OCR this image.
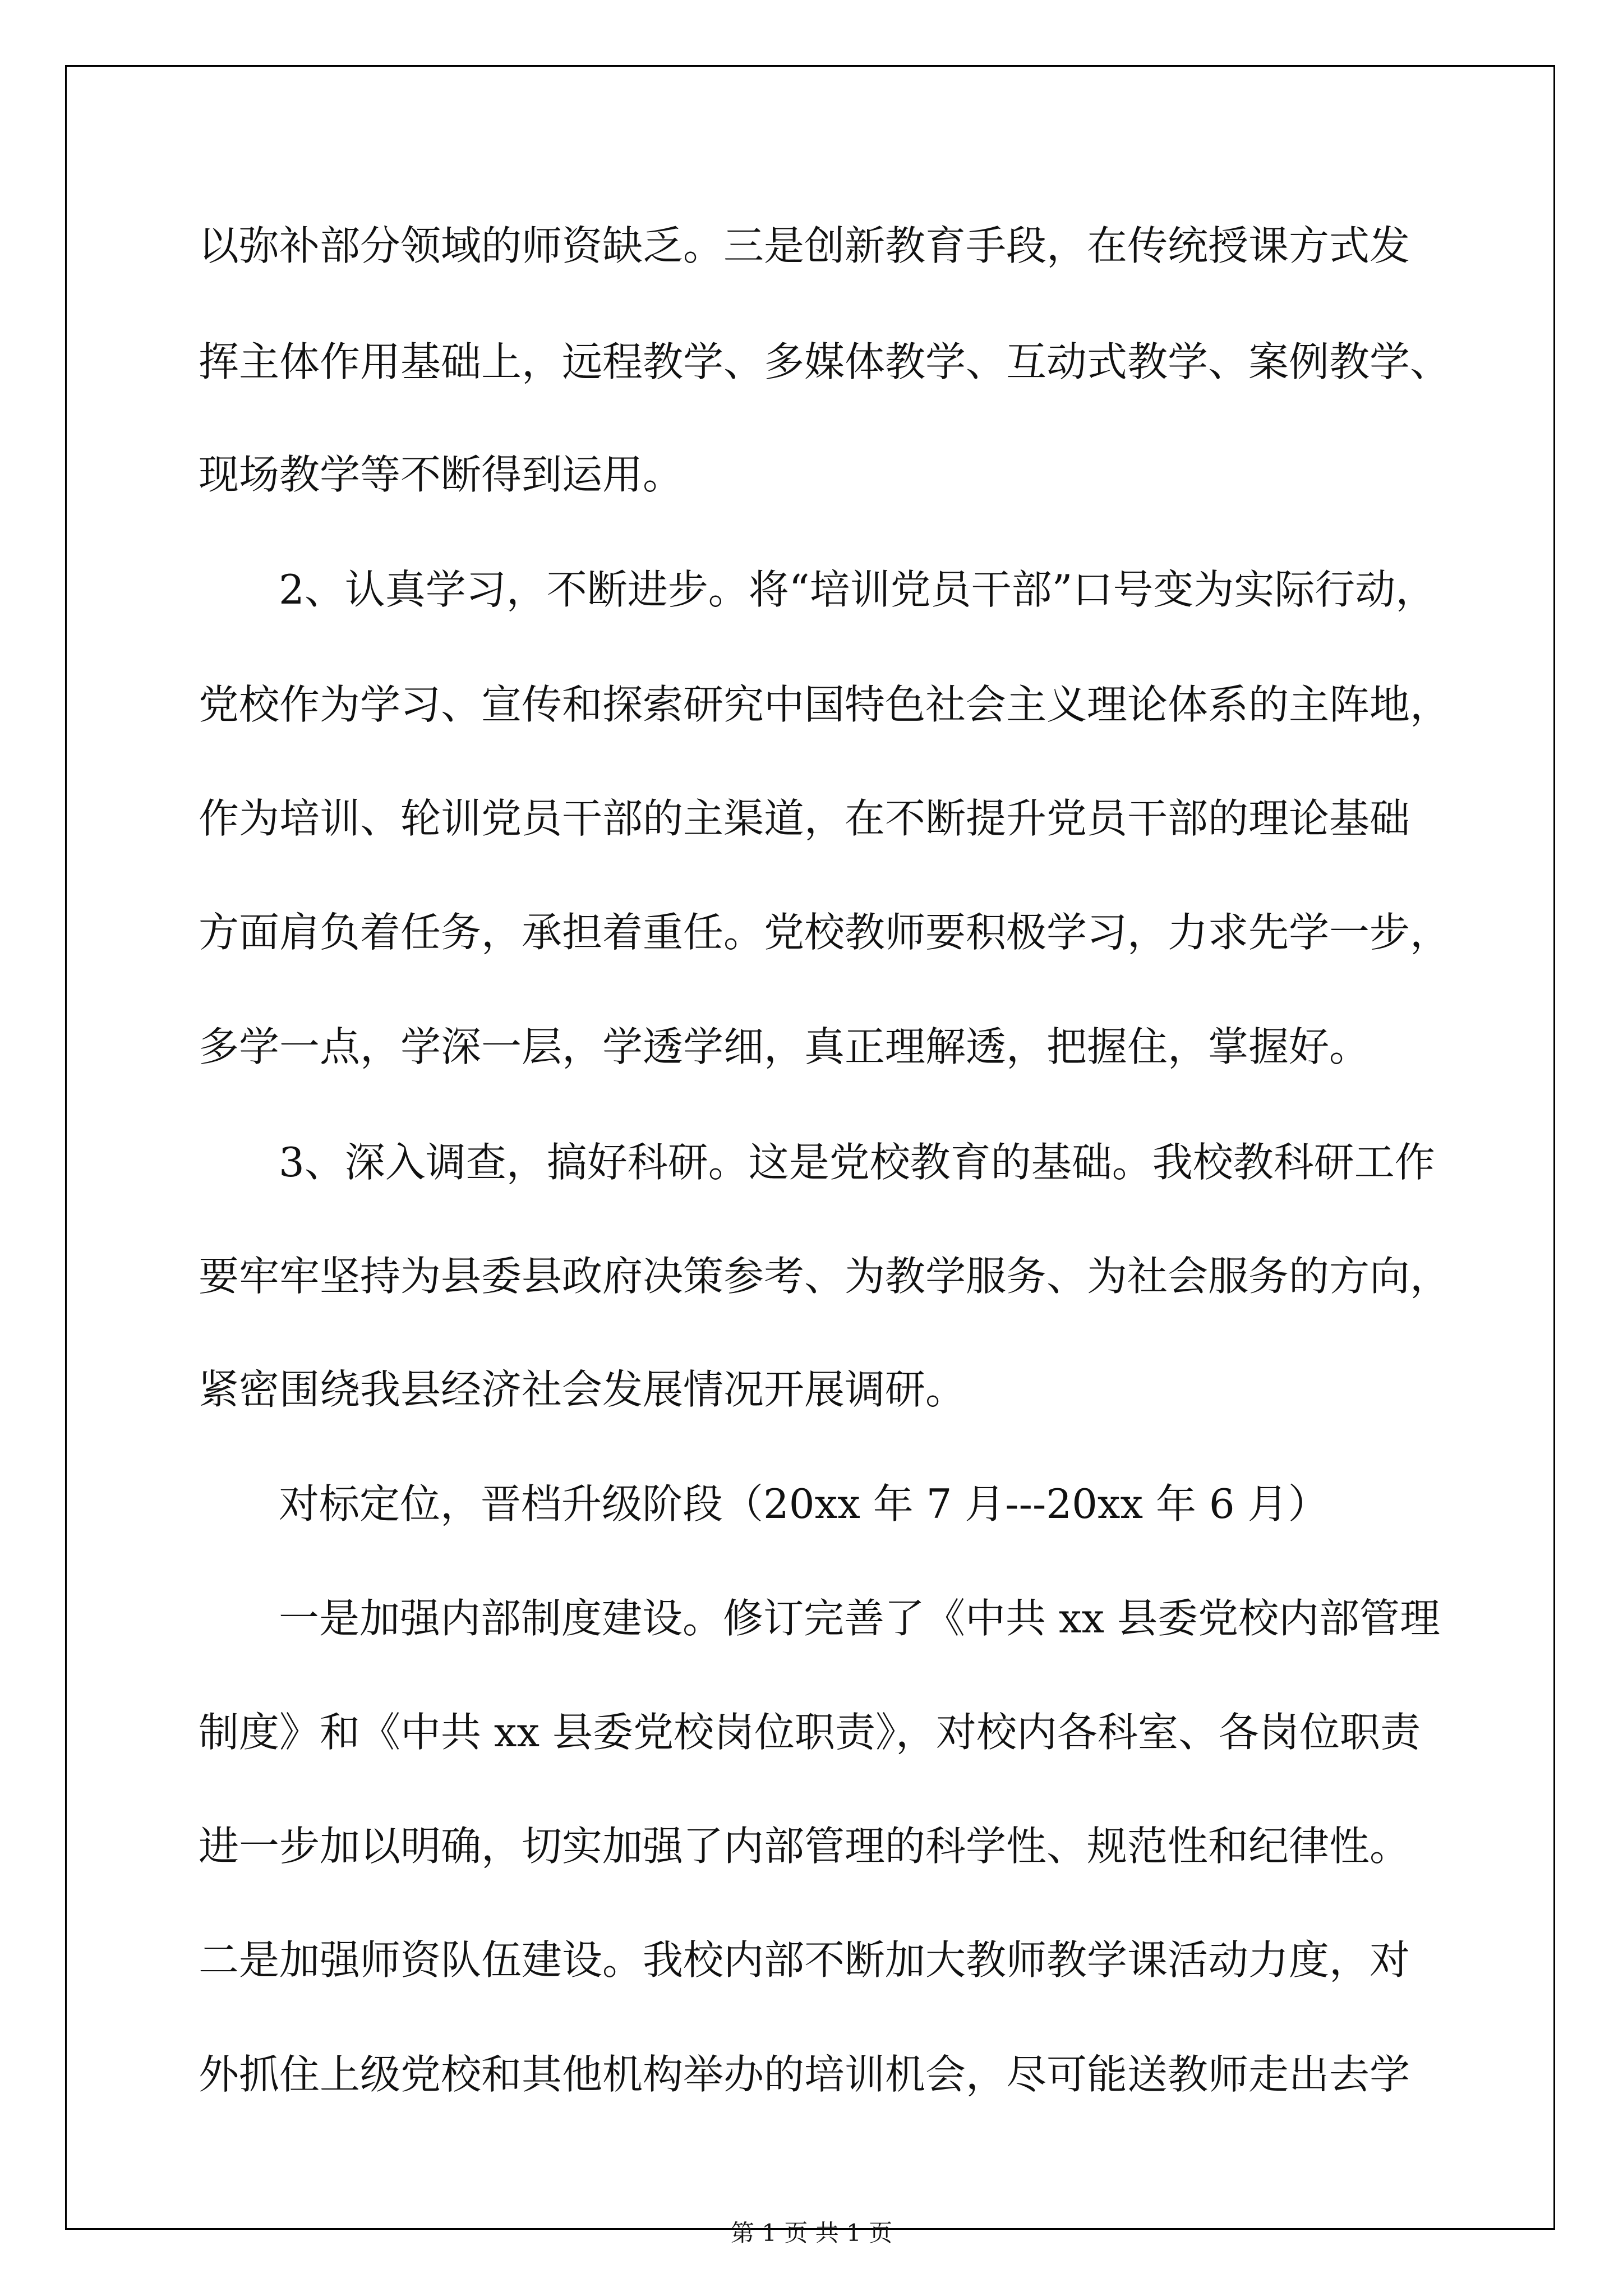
以弥补部分领域的师资缺乏。三是创新教育手段，在传统授课方式发

挥主体作用基础上，远程教学、多媒体教学、互动式教学、案例教学、

现场教学等不断得到运用。

2、认真学习，不断进步。将“培训党员干部”口号变为实际行动，

党校作为学习、宣传和探索研究中国特色社会主义理论体系的主阵地，

作为培训、轮训党员干部的主渠道，在不断提升党员干部的理论基础

方面肩负着任务，承担着重任。党校教师要积极学习，力求先学一步，

多学一点，学深一层，学透学细，真正理解透，把握住，掌握好。

3、深入调查，搞好科研。这是党校教育的基础。我校教科研工作

要牢牢坚持为县委县政府决策参考、为教学服务、为社会服务的方向，

紧密围绕我县经济社会发展情况开展调研。

对标定位，晋档升级阶段（20xx 年 7 月---20xx 年 6 月）

一是加强内部制度建设。修订完善了《中共 xx 县委党校内部管理

制度》和《中共 xx 县委党校岗位职责》，对校内各科室、各岗位职责

进一步加以明确，切实加强了内部管理的科学性、规范性和纪律性。

二是加强师资队伍建设。我校内部不断加大教师教学课活动力度，对

外抓住上级党校和其他机构举办的培训机会，尽可能送教师走出去学

第 1 页 共 1 页
